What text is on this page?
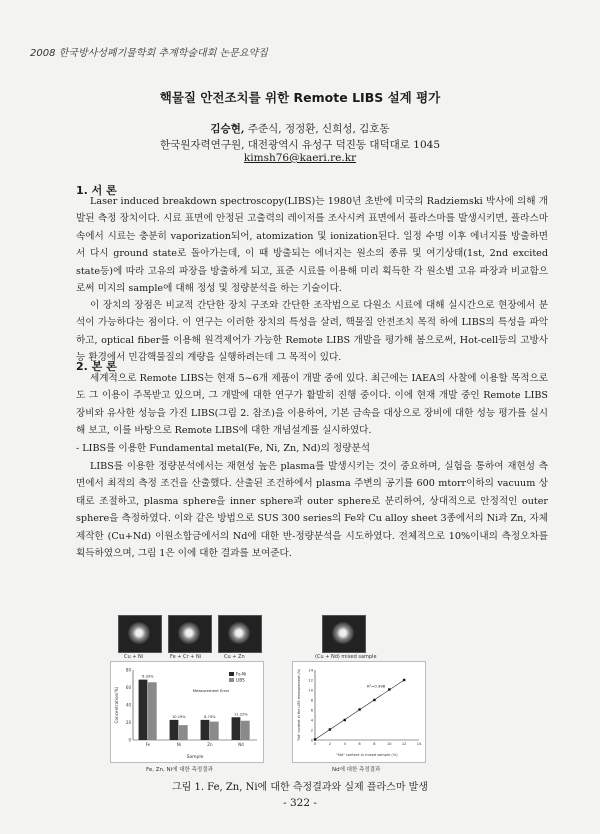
2008 한국방사성폐기물학회 추계학술대회 논문요약집
핵물질 안전조치를 위한 Remote LIBS 설계 평가
김승현, 주준식, 정정환, 신희성, 김호동
한국원자력연구원, 대전광역시 유성구 덕진동 대덕대로 1045
kimsh76@kaeri.re.kr
1. 서 론

Laser induced breakdown spectroscopy(LIBS)는 1980년 초반에 미국의 Radziemski 박사에 의해 개발된 측정 장치이다. 시료 표면에 안정된 고출력의 레이저를 조사시켜 표면에서 플라스마를 발생시키면, 플라스마 속에서 시료는 충분히 vaporization되어, atomization 및 ionization된다. 일정 수명 이후 에너지를 방출하면서 다시 ground state로 돌아가는데, 이 때 방출되는 에너지는 원소의 종류 및 여기상태(1st, 2nd excited state등)에 따라 고유의 파장을 방출하게 되고, 표준 시료를 이용해 미리 획득한 각 원소별 고유 파장과 비교함으로써 미지의 sample에 대해 정성 및 정량분석을 하는 기술이다.

이 장치의 장점은 비교적 간단한 장치 구조와 간단한 조작법으로 다원소 시료에 대해 실시간으로 현장에서 분석이 가능하다는 점이다. 이 연구는 이러한 장치의 특성을 살려, 핵물질 안전조치 목적 하에 LIBS의 특성을 파악하고, optical fiber를 이용해 원격제어가 가능한 Remote LIBS 개발을 평가해 봄으로써, Hot-cell등의 고방사능 환경에서 민감핵물질의 계량을 실행하려는데 그 목적이 있다.

2. 본 론

세계적으로 Remote LIBS는 현재 5~6개 제품이 개발 중에 있다. 최근에는 IAEA의 사찰에 이용할 목적으로도 그 이용이 주목받고 있으며, 그 개발에 대한 연구가 활발히 진행 중이다. 이에 현재 개발 중인 Remote LIBS 장비와 유사한 성능을 가진 LIBS(그림 2. 참조)을 이용하여, 기본 금속을 대상으로 장비에 대한 성능 평가를 실시해 보고, 이를 바탕으로 Remote LIBS에 대한 개념설계를 실시하였다.

- LIBS를 이용한 Fundamental metal(Fe, Ni, Zn, Nd)의 정량분석

LIBS를 이용한 정량분석에서는 재현성 높은 plasma를 발생시키는 것이 중요하며, 실험을 통하여 재현성 측면에서 최적의 측정 조건을 산출했다. 산출된 조건하에서 plasma 주변의 공기를 600 mtorr이하의 vacuum 상태로 조절하고, plasma sphere을 inner sphere과 outer sphere로 분리하여, 상대적으로 안정적인 outer sphere을 측정하였다. 이와 같은 방법으로 SUS 300 series의 Fe와 Cu alloy sheet 3종에서의 Ni과 Zn, 자체 제작한 (Cu+Nd) 이원소합금에서의 Nd에 대한 반-정량분석을 시도하였다. 전체적으로 10%이내의 측정오차를 획득하였으며, 그림 1은 이에 대한 결과를 보여준다.

Cu + Ni	Fe + Cr + Ni	Cu + Zn	(Cu + Nd) mixed sample
0
20
40
60
80
Fe
6.33%
Ni
10.19%
Zn
8.74%
Nd
11.22%
Measurement Error
Sample
Concentration(%)
Fe-Ni
LIBS
0
0
2
2
4
4
6
6
8
8
10
10
12
12
14
14
R²=0.998
"Nd" content in mixed sample (%)
"Nd" content in the LIBS measurement (%)
Fe, Zn, Ni에 대한 측정결과	Nd에 대한 측정결과
그림 1. Fe, Zn, Ni에 대한 측정결과와 실제 플라스마 발생
- 322 -
